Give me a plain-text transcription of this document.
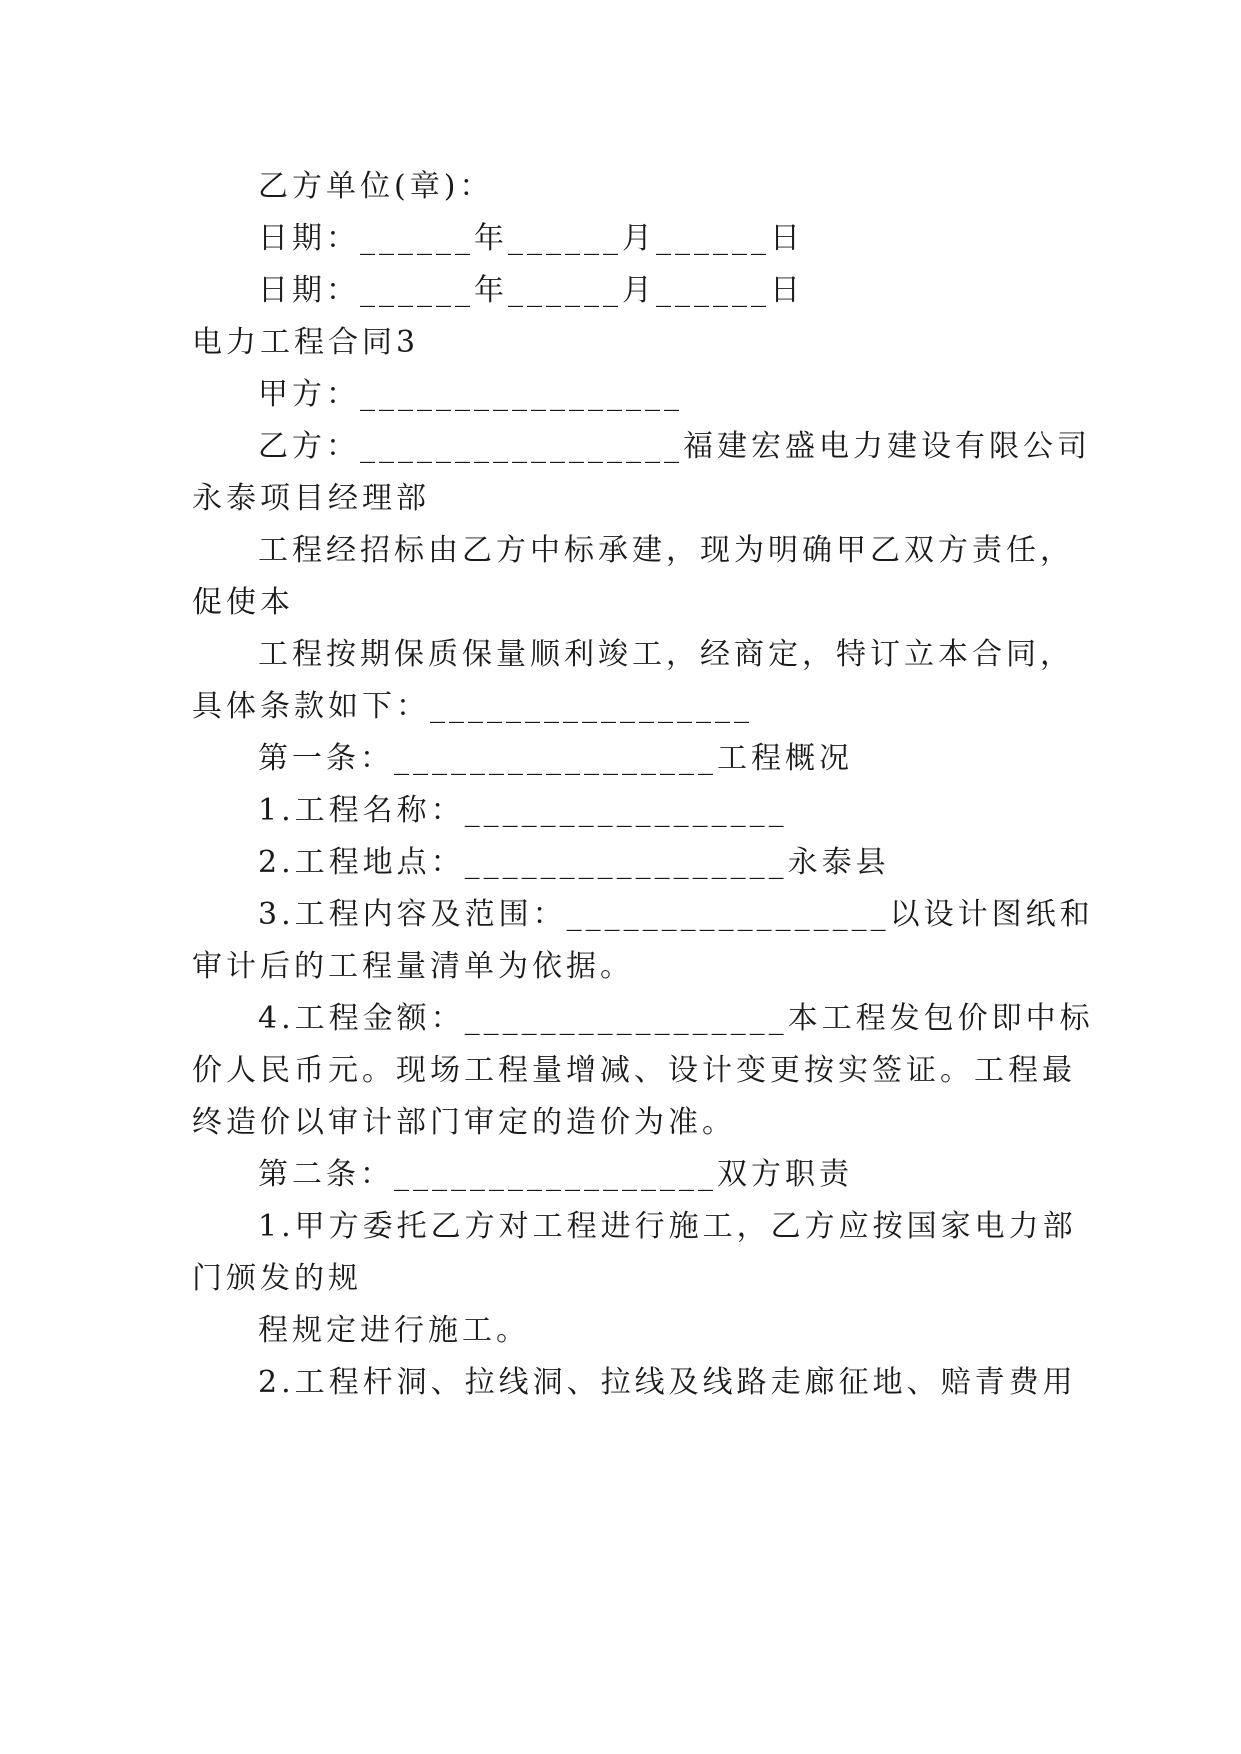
乙方单位(章)：
日期：______年______月______日
日期：______年______月______日
电力工程合同3
甲方：_________________
乙方：_________________福建宏盛电力建设有限公司
永泰项目经理部
工程经招标由乙方中标承建，现为明确甲乙双方责任，
促使本
工程按期保质保量顺利竣工，经商定，特订立本合同，
具体条款如下：_________________
第一条：_________________工程概况
1.工程名称：_________________
2.工程地点：_________________永泰县
3.工程内容及范围：_________________以设计图纸和
审计后的工程量清单为依据。
4.工程金额：_________________本工程发包价即中标
价人民币元。现场工程量增减、设计变更按实签证。工程最
终造价以审计部门审定的造价为准。
第二条：_________________双方职责
1.甲方委托乙方对工程进行施工，乙方应按国家电力部
门颁发的规
程规定进行施工。
2.工程杆洞、拉线洞、拉线及线路走廊征地、赔青费用
